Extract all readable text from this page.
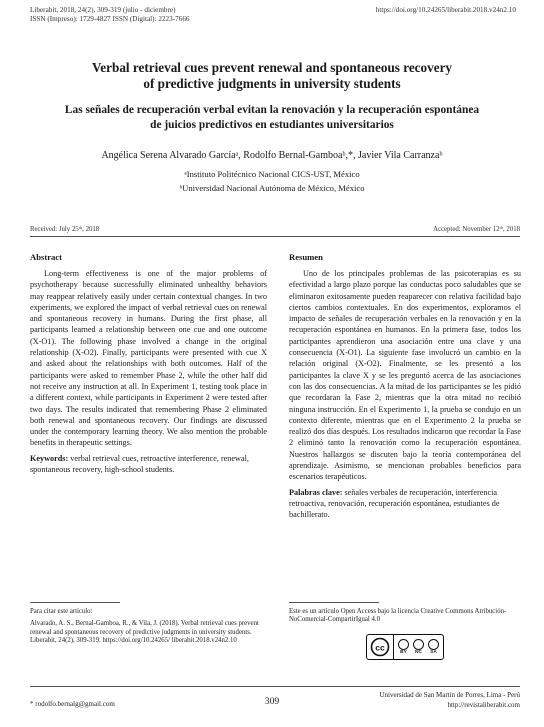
Liberabit, 2018, 24(2), 309-319 (julio - diciembre)
ISSN (Impreso): 1729-4827 ISSN (Digital): 2223-7666
https://doi.org/10.24265/liberabit.2018.v24n2.10
Verbal retrieval cues prevent renewal and spontaneous recovery
of predictive judgments in university students
Las señales de recuperación verbal evitan la renovación y la recuperación espontánea
de juicios predictivos en estudiantes universitarios
Angélica Serena Alvarado Garcíaᵃ, Rodolfo Bernal-Gamboaᵇ,*, Javier Vila Carranzaᵇ
ᵃInstituto Politécnico Nacional CICS-UST, México
ᵇUniversidad Nacional Autónoma de México, México
Received: July 25ᵗʰ, 2018	Accepted: November 12ᵗʰ, 2018
Abstract

Long-term effectiveness is one of the major problems of psychotherapy because successfully eliminated unhealthy behaviors may reappear relatively easily under certain contextual changes. In two experiments, we explored the impact of verbal retrieval cues on renewal and spontaneous recovery in humans. During the first phase, all participants learned a relationship between one cue and one outcome (X-O1). The following phase involved a change in the original relationship (X-O2). Finally, participants were presented with cue X and asked about the relationships with both outcomes. Half of the participants were asked to remember Phase 2, while the other half did not receive any instruction at all. In Experiment 1, testing took place in a different context, while participants in Experiment 2 were tested after two days. The results indicated that remembering Phase 2 eliminated both renewal and spontaneous recovery. Our findings are discussed under the contemporary learning theory. We also mention the probable benefits in therapeutic settings.

Keywords: verbal retrieval cues, retroactive interference, renewal, spontaneous recovery, high-school students.

Resumen

Uno de los principales problemas de las psicoterapias es su efectividad a largo plazo porque las conductas poco saludables que se eliminaron exitosamente pueden reaparecer con relativa facilidad bajo ciertos cambios contextuales. En dos experimentos, exploramos el impacto de señales de recuperación verbales en la renovación y en la recuperación espontánea en humanos. En la primera fase, todos los participantes aprendieron una asociación entre una clave y una consecuencia (X-O1). La siguiente fase involucró un cambio en la relación original (X-O2). Finalmente, se les presentó a los participantes la clave X y se les preguntó acerca de las asociaciones con las dos consecuencias. A la mitad de los participantes se les pidió que recordaran la Fase 2, mientras que la otra mitad no recibió ninguna instrucción. En el Experimento 1, la prueba se condujo en un contexto diferente, mientras que en el Experimento 2 la prueba se realizó dos días después. Los resultados indicaron que recordar la Fase 2 eliminó tanto la renovación como la recuperación espontánea. Nuestros hallazgos se discuten bajo la teoría contemporánea del aprendizaje. Asimismo, se mencionan probables beneficios para escenarios terapéuticos.

Palabras clave: señales verbales de recuperación, interferencia retroactiva, renovación, recuperación espontánea, estudiantes de bachillerato.

Para citar este artículo:
Alvarado, A. S., Bernal-Gamboa, R., & Vila, J. (2018). Verbal retrieval cues prevent renewal and spontaneous recovery of predictive judgments in university students. Liberabit, 24(2), 309-319. https://doi.org/10.24265/ liberabit.2018.v24n2.10
Este es un artículo Open Access bajo la licencia Creative Commons Atribución-NoComercial-CompartirIgual 4.0
cc	BY NC SA
* rodolfo.bernalg@gmail.com	309
Universidad de San Martín de Porres, Lima - Perú
http://revistaliberabit.com
